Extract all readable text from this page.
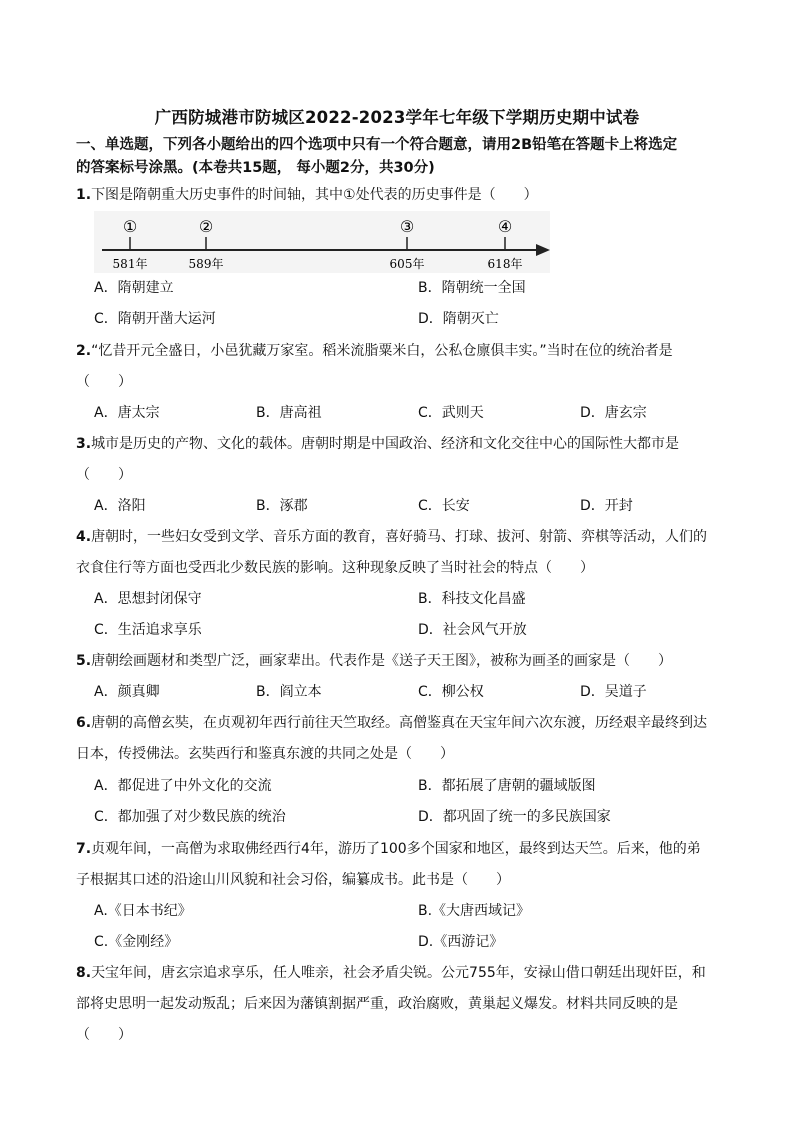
广西防城港市防城区2022-2023学年七年级下学期历史期中试卷
一、单选题，下列各小题给出的四个选项中只有一个符合题意，请用2B铅笔在答题卡上将选定
的答案标号涂黑。(本卷共15题， 每小题2分，共30分)
1.下图是隋朝重大历史事件的时间轴，其中①处代表的历史事件是（　　）
①	②	③	④
581年	589年	605年	618年
A．隋朝建立	B．隋朝统一全国
C．隋朝开凿大运河	D．隋朝灭亡
2.“忆昔开元全盛日，小邑犹藏万家室。稻米流脂粟米白，公私仓廪俱丰实。”当时在位的统治者是
（　　）
A．唐太宗	B．唐高祖	C．武则天	D．唐玄宗
3.城市是历史的产物、文化的载体。唐朝时期是中国政治、经济和文化交往中心的国际性大都市是
（　　）
A．洛阳	B．涿郡	C．长安	D．开封
4.唐朝时，一些妇女受到文学、音乐方面的教育，喜好骑马、打球、拔河、射箭、弈棋等活动，人们的
衣食住行等方面也受西北少数民族的影响。这种现象反映了当时社会的特点（　　）
A．思想封闭保守	B．科技文化昌盛
C．生活追求享乐	D．社会风气开放
5.唐朝绘画题材和类型广泛，画家辈出。代表作是《送子天王图》，被称为画圣的画家是（　　）
A．颜真卿	B．阎立本	C．柳公权	D．吴道子
6.唐朝的高僧玄奘，在贞观初年西行前往天竺取经。高僧鉴真在天宝年间六次东渡，历经艰辛最终到达
日本，传授佛法。玄奘西行和鉴真东渡的共同之处是（　　）
A．都促进了中外文化的交流	B．都拓展了唐朝的疆域版图
C．都加强了对少数民族的统治	D．都巩固了统一的多民族国家
7.贞观年间，一高僧为求取佛经西行4年，游历了100多个国家和地区，最终到达天竺。后来，他的弟
子根据其口述的沿途山川风貌和社会习俗，编纂成书。此书是（　　）
A.《日本书纪》	B.《大唐西域记》
C.《金刚经》	D.《西游记》
8.天宝年间，唐玄宗追求享乐，任人唯亲，社会矛盾尖锐。公元755年，安禄山借口朝廷出现奸臣，和
部将史思明一起发动叛乱；后来因为藩镇割据严重，政治腐败，黄巢起义爆发。材料共同反映的是
（　　）
